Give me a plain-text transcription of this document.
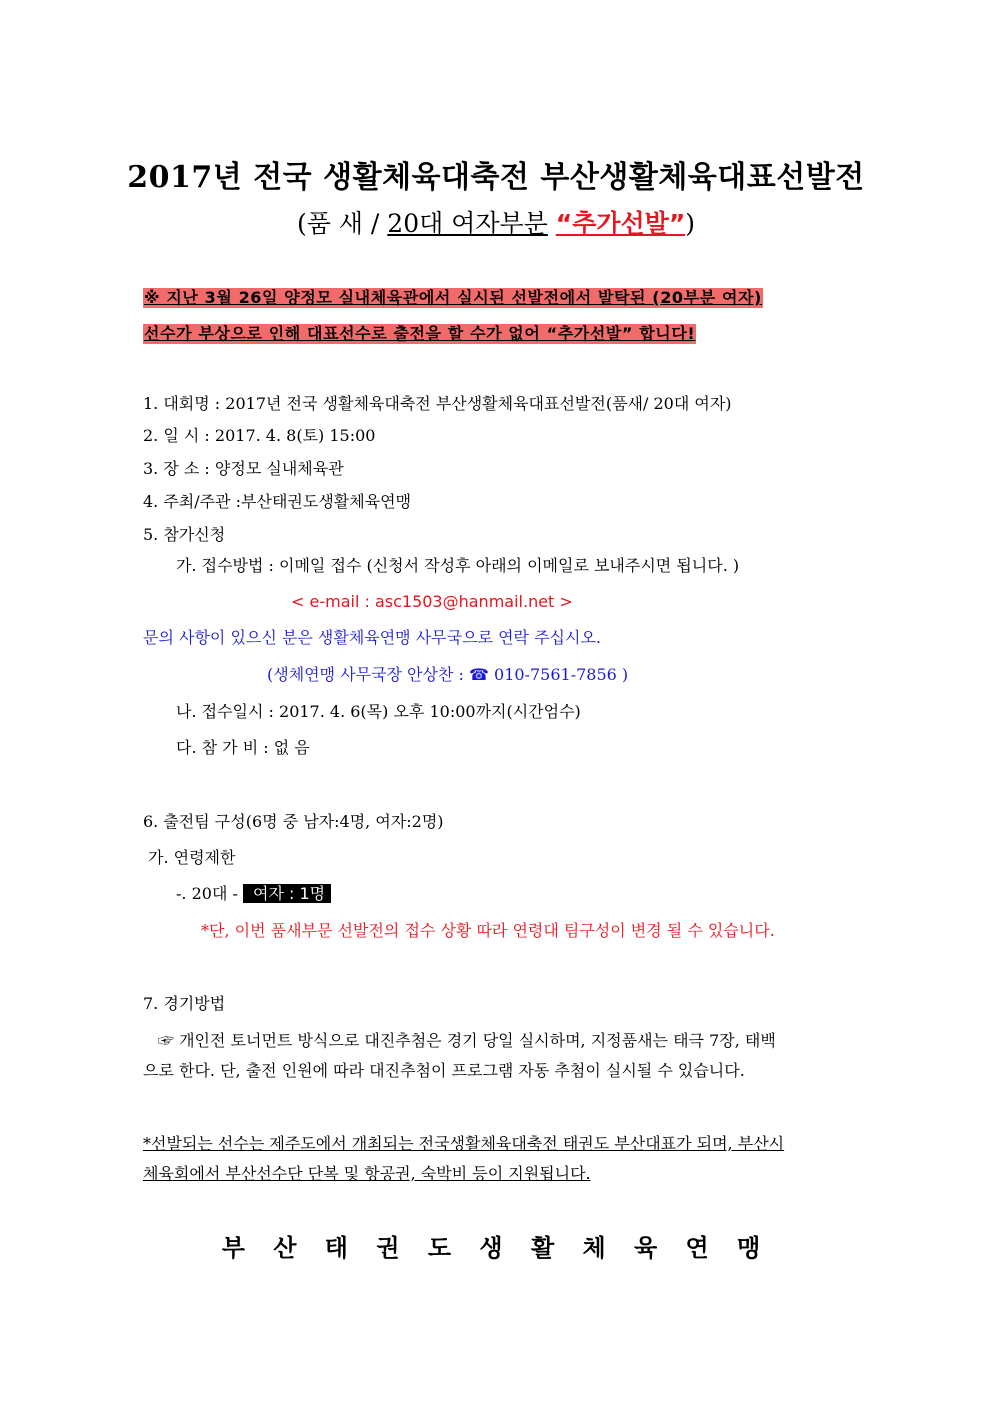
2017년 전국 생활체육대축전 부산생활체육대표선발전
(품 새 / 20대 여자부분 “추가선발”)
※ 지난 3월 26일 양정모 실내체육관에서 실시된 선발전에서 발탁된 (20부분 여자)
선수가 부상으로 인해 대표선수로 출전을 할 수가 없어 “추가선발” 합니다!
1. 대회명 : 2017년 전국 생활체육대축전 부산생활체육대표선발전(품새/ 20대 여자)
2. 일 시 : 2017. 4. 8(토) 15:00
3. 장 소 : 양정모 실내체육관
4. 주최/주관 :부산태권도생활체육연맹
5. 참가신청
가. 접수방법 : 이메일 접수 (신청서 작성후 아래의 이메일로 보내주시면 됩니다. )
< e-mail : asc1503@hanmail.net >
문의 사항이 있으신 분은 생활체육연맹 사무국으로 연락 주십시오.
(생체연맹 사무국장 안상찬 : ☎ 010-7561-7856 )
나. 접수일시 : 2017. 4. 6(목) 오후 10:00까지(시간엄수)
다. 참 가 비 : 없 음
6. 출전팀 구성(6명 중 남자:4명, 여자:2명)
가. 연령제한
-. 20대 - 여자 : 1명
*단, 이번 품새부문 선발전의 접수 상황 따라 연령대 팀구성이 변경 될 수 있습니다.
7. 경기방법
☞ 개인전 토너먼트 방식으로 대진추첨은 경기 당일 실시하며, 지정품새는 태극 7장, 태백
으로 한다. 단, 출전 인원에 따라 대진추첨이 프로그램 자동 추첨이 실시될 수 있습니다.
*선발되는 선수는 제주도에서 개최되는 전국생활체육대축전 태권도 부산대표가 되며, 부산시
체육회에서 부산선수단 단복 및 항공권, 숙박비 등이 지원됩니다.
부 산 태 권 도 생 활 체 육 연 맹
